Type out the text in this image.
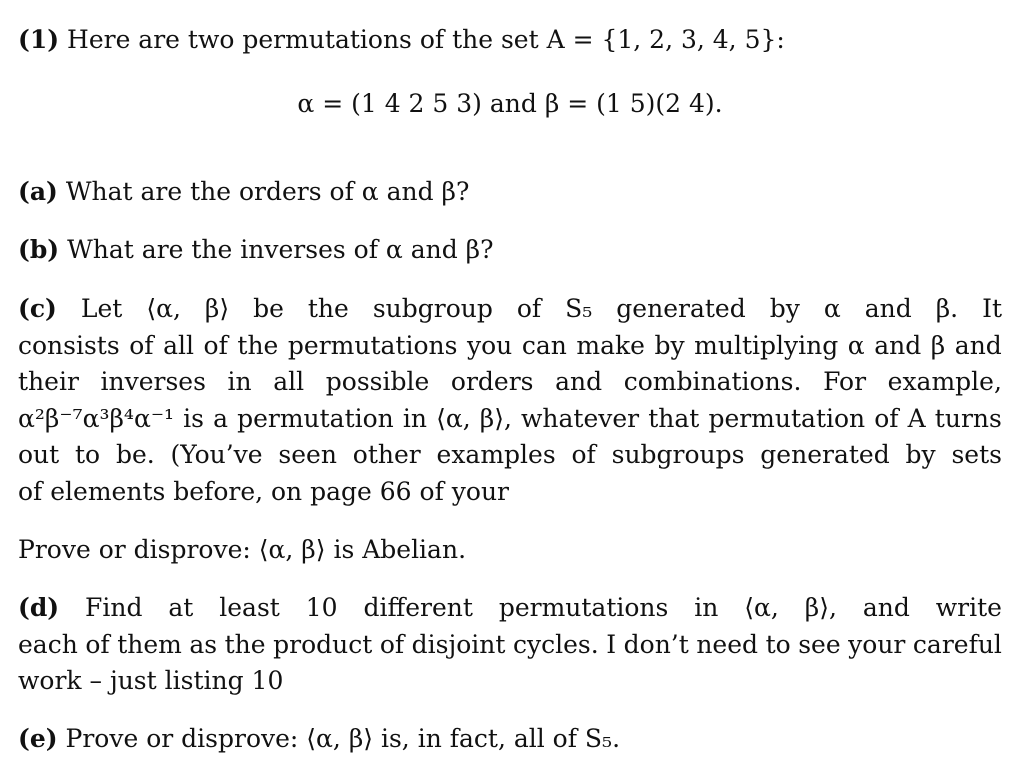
(1) Here are two permutations of the set A = {1, 2, 3, 4, 5}:
α = (1 4 2 5 3) and β = (1 5)(2 4).
(a) What are the orders of α and β?
(b) What are the inverses of α and β?
(c) Let ⟨α, β⟩ be the subgroup of S₅ generated by α and β. It
consists of all of the permutations you can make by multiplying α and β and
their inverses in all possible orders and combinations. For example,
α²β⁻⁷α³β⁴α⁻¹ is a permutation in ⟨α, β⟩, whatever that permutation of A turns
out to be. (You’ve seen other examples of subgroups generated by sets
of elements before, on page 66 of your
Prove or disprove: ⟨α, β⟩ is Abelian.
(d) Find at least 10 different permutations in ⟨α, β⟩, and write
each of them as the product of disjoint cycles. I don’t need to see your careful
work – just listing 10
(e) Prove or disprove: ⟨α, β⟩ is, in fact, all of S₅.
